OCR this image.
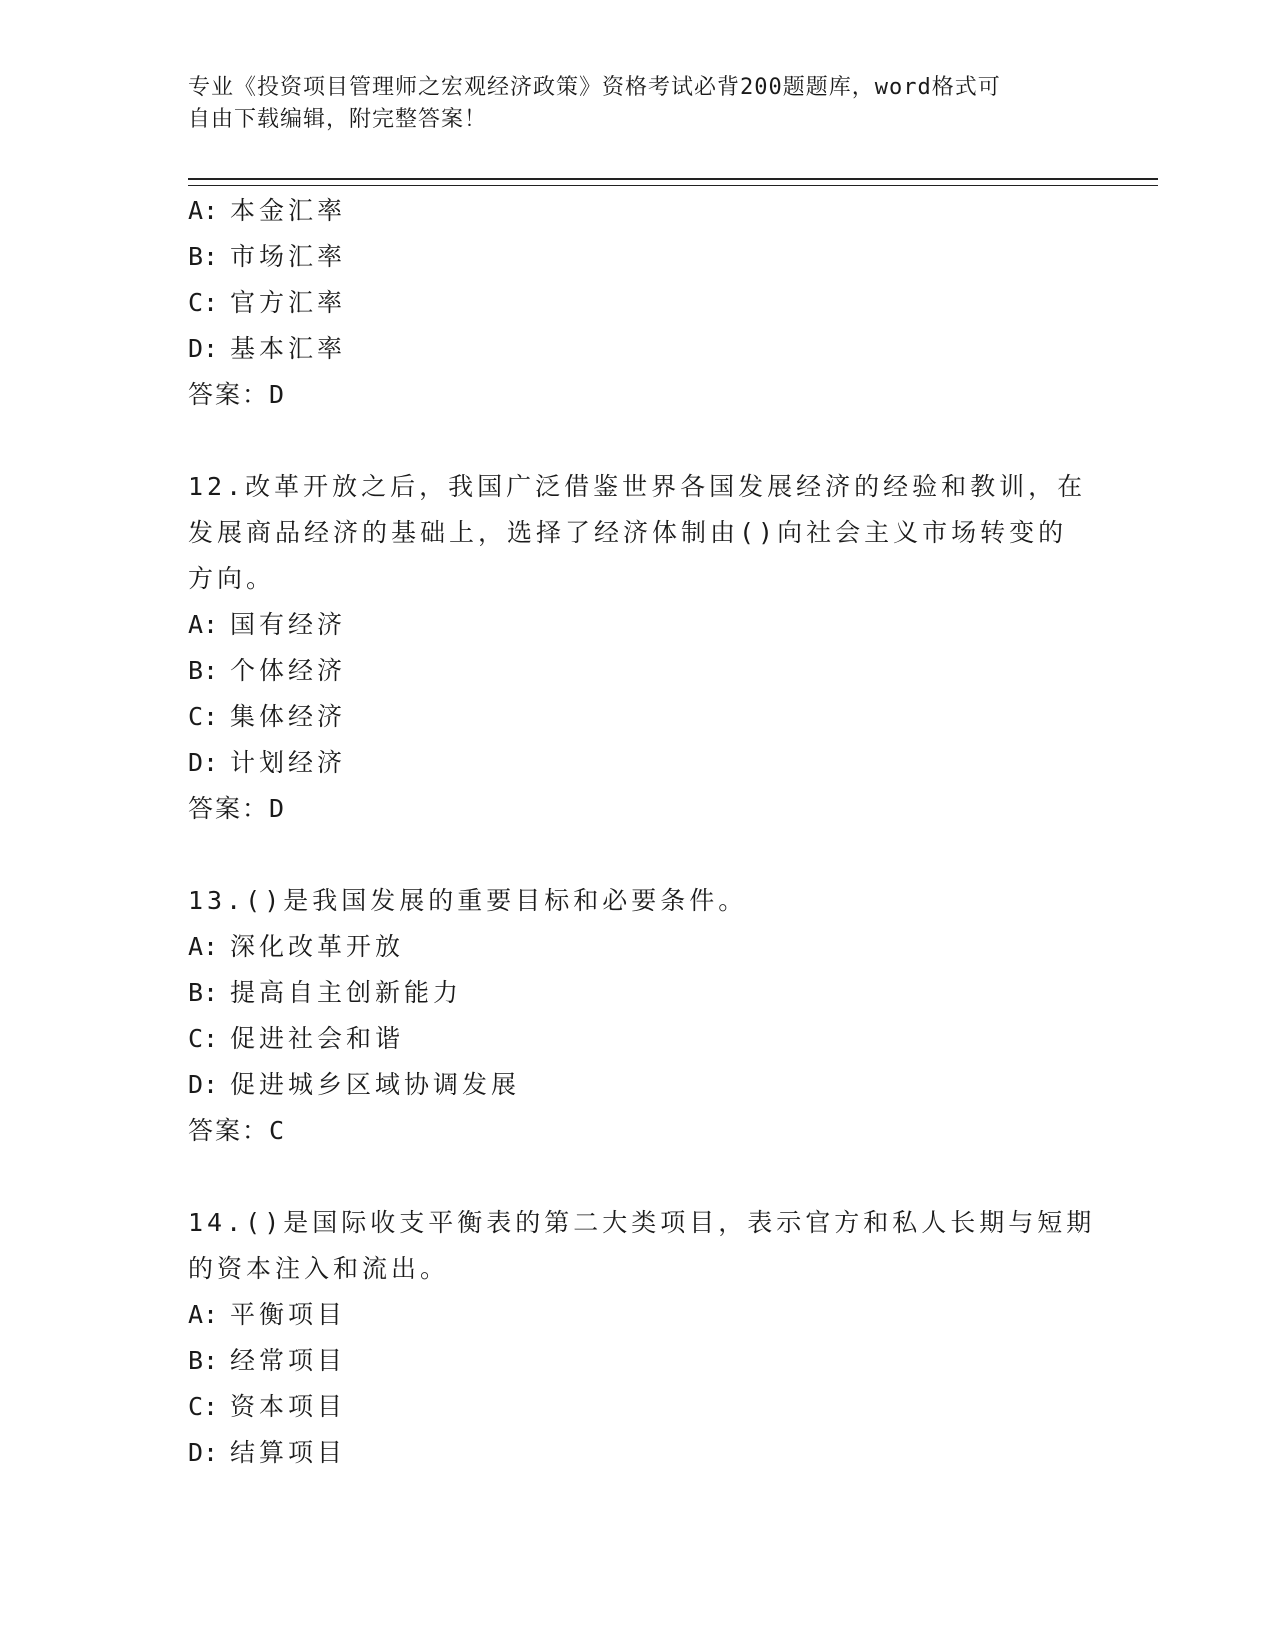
专业《投资项目管理师之宏观经济政策》资格考试必背200题题库，word格式可
自由下载编辑，附完整答案！
A: 本金汇率
B: 市场汇率
C: 官方汇率
D: 基本汇率
答案：D
12.改革开放之后，我国广泛借鉴世界各国发展经济的经验和教训，在
发展商品经济的基础上，选择了经济体制由()向社会主义市场转变的
方向。
A: 国有经济
B: 个体经济
C: 集体经济
D: 计划经济
答案：D
13.()是我国发展的重要目标和必要条件。
A: 深化改革开放
B: 提高自主创新能力
C: 促进社会和谐
D: 促进城乡区域协调发展
答案：C
14.()是国际收支平衡表的第二大类项目，表示官方和私人长期与短期
的资本注入和流出。
A: 平衡项目
B: 经常项目
C: 资本项目
D: 结算项目
